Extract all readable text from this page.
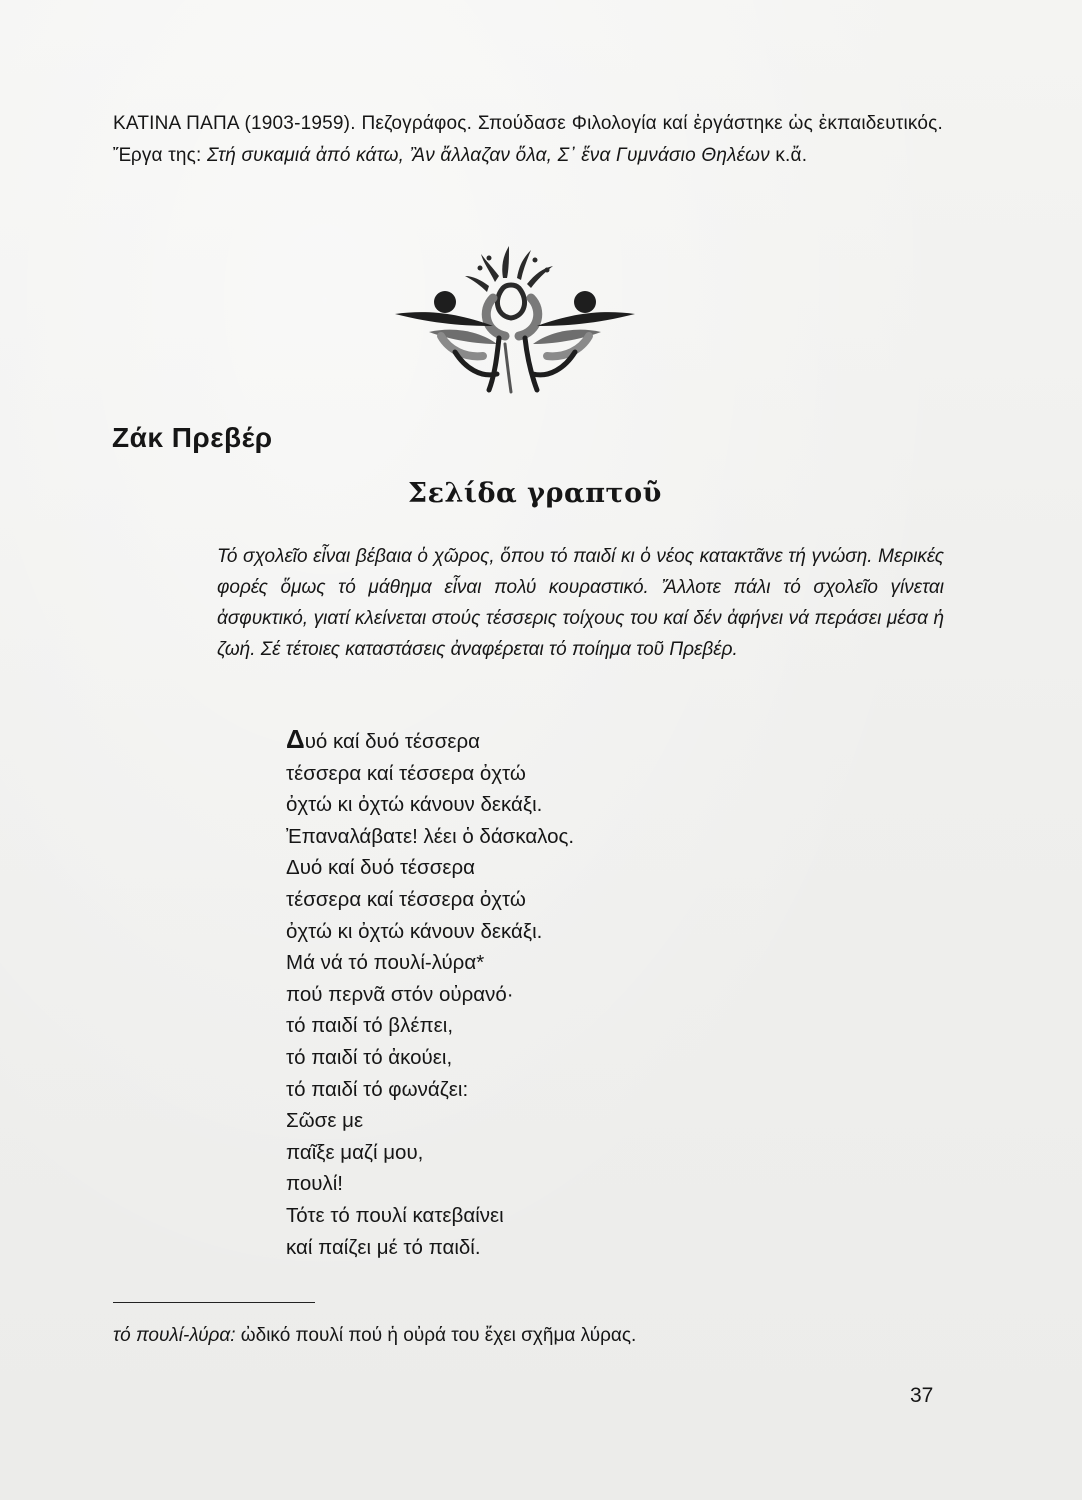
ΚΑΤΙΝΑ ΠΑΠΑ (1903-1959). Πεζογράφος. Σπούδασε Φιλολογία καί ἐργάστηκε ὡς ἐκπαιδευτικός. Ἔργα της: Στή συκαμιά ἀπό κάτω, Ἂν ἄλλαζαν ὅλα, Σ᾽ ἕνα Γυμνάσιο Θηλέων κ.ἄ.

Ζάκ Πρεβέρ
Σελίδα γραπτοῦ

Τό σχολεῖο εἶναι βέβαια ὁ χῶρος, ὅπου τό παιδί κι ὁ νέος κατακτᾶνε τή γνώση. Μερικές φορές ὅμως τό μάθημα εἶναι πολύ κουραστικό. Ἄλλοτε πάλι τό σχολεῖο γίνεται ἀσφυκτικό, γιατί κλείνεται στούς τέσσερις τοίχους του καί δέν ἀφήνει νά περάσει μέσα ἡ ζωή. Σέ τέτοιες καταστάσεις ἀναφέρεται τό ποίημα τοῦ Πρεβέρ.

Δυό καί δυό τέσσερα
τέσσερα καί τέσσερα ὀχτώ
ὀχτώ κι ὀχτώ κάνουν δεκάξι.
Ἐπαναλάβατε! λέει ὁ δάσκαλος.
Δυό καί δυό τέσσερα
τέσσερα καί τέσσερα ὀχτώ
ὀχτώ κι ὀχτώ κάνουν δεκάξι.
Μά νά τό πουλί-λύρα*
πού περνᾶ στόν οὐρανό·
τό παιδί τό βλέπει,
τό παιδί τό ἀκούει,
τό παιδί τό φωνάζει:
Σῶσε με
παῖξε μαζί μου,
πουλί!
Τότε τό πουλί κατεβαίνει
καί παίζει μέ τό παιδί.
τό πουλί-λύρα: ὠδικό πουλί πού ἡ οὐρά του ἔχει σχῆμα λύρας.
37
